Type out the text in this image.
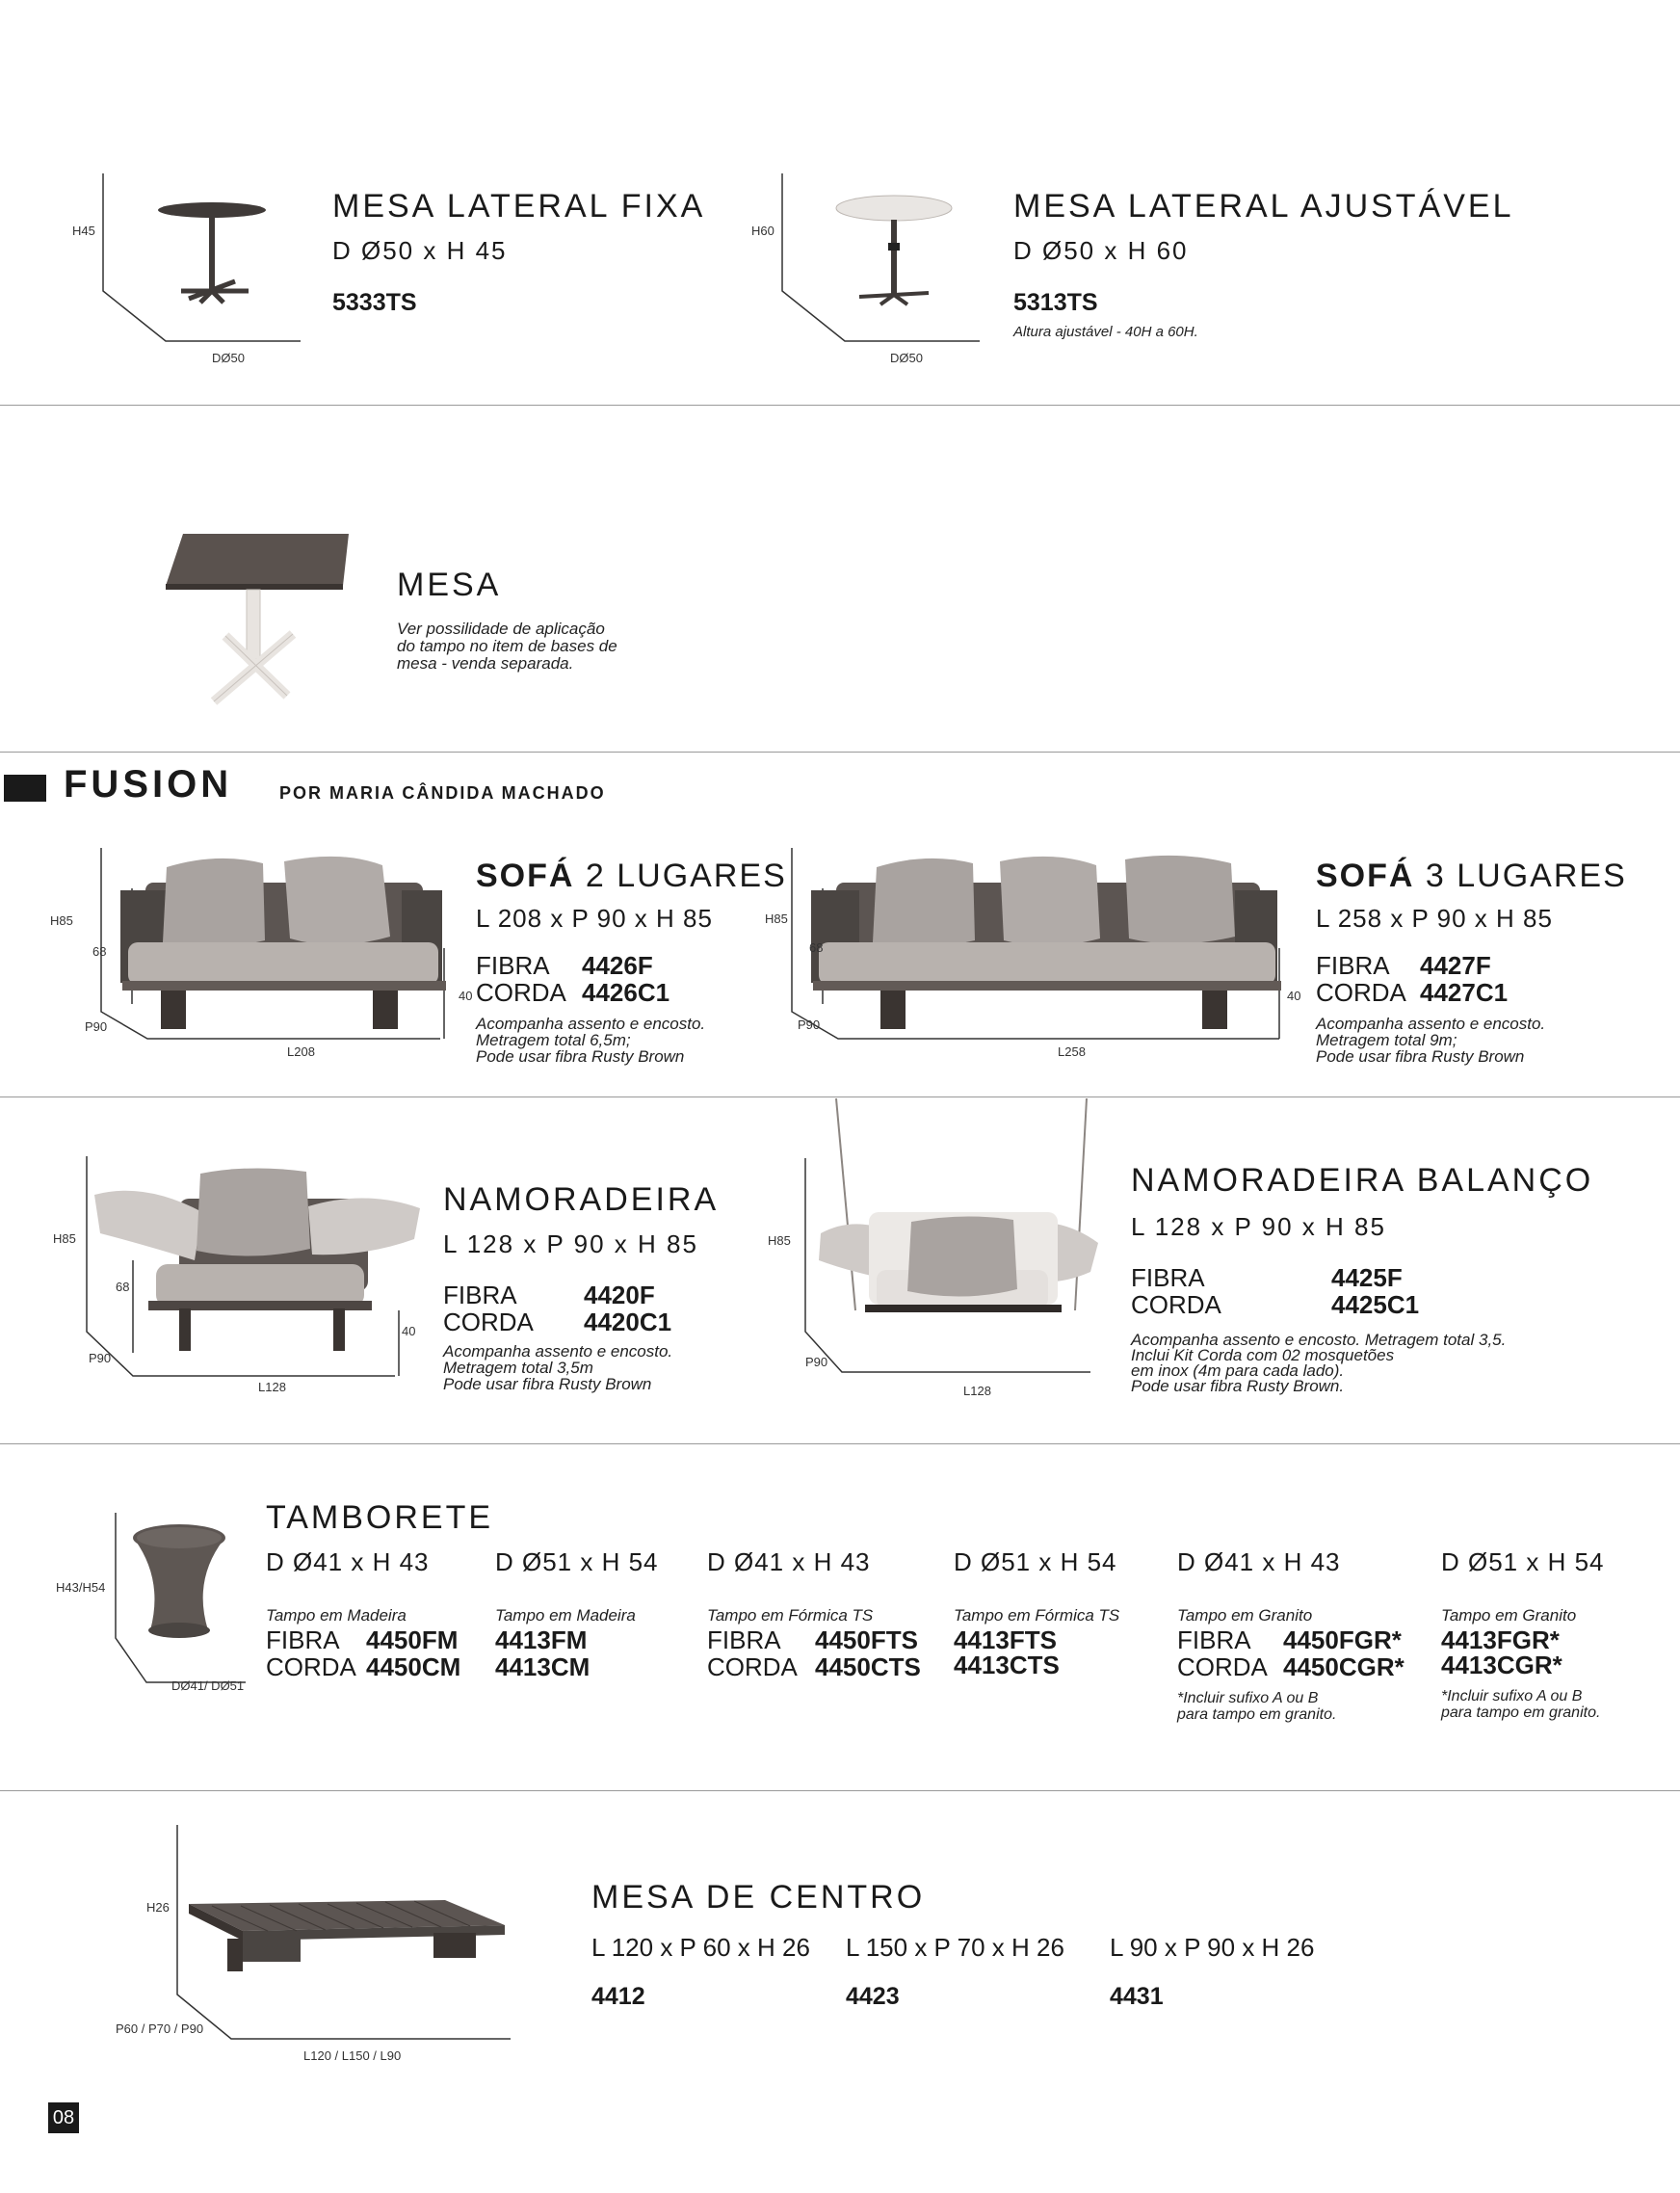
H45
DØ50
MESA LATERAL FIXA
D Ø50 x H 45
5333TS
H60
DØ50
MESA LATERAL AJUSTÁVEL
D Ø50 x H 60
5313TS
Altura ajustável - 40H a 60H.
MESA
Ver possilidade de aplicação
do tampo no item de bases de
mesa - venda separada.
FUSION	POR MARIA CÂNDIDA MACHADO
H85
68
P90
L208
40
SOFÁ 2 LUGARES
L 208 x P 90 x H 85
FIBRA 4426F
CORDA 4426C1
Acompanha assento e encosto.
Metragem total 6,5m;
Pode usar fibra Rusty Brown
H85
68
P90
L258
40
SOFÁ 3 LUGARES
L 258 x P 90 x H 85
FIBRA 4427F
CORDA 4427C1
Acompanha assento e encosto.
Metragem total 9m;
Pode usar fibra Rusty Brown
H85
68
P90
L128
40
NAMORADEIRA
L 128 x P 90 x H 85
FIBRA	4420F
CORDA 4420C1
Acompanha assento e encosto.
Metragem total 3,5m
Pode usar fibra Rusty Brown
H85
P90
L128
NAMORADEIRA BALANÇO
L 128 x P 90 x H 85
FIBRA	4425F
CORDA	4425C1
Acompanha assento e encosto. Metragem total 3,5.
Inclui Kit Corda com 02 mosquetões
em inox (4m para cada lado).
Pode usar fibra Rusty Brown.
H43/H54
DØ41/ DØ51
TAMBORETE
D Ø41 x H 43
Tampo em Madeira
FIBRA 4450FM
CORDA 4450CM
D Ø51 x H 54
Tampo em Madeira
4413FM
4413CM
D Ø41 x H 43
Tampo em Fórmica TS
FIBRA 4450FTS
CORDA 4450CTS
D Ø51 x H 54
Tampo em Fórmica TS
4413FTS
4413CTS
D Ø41 x H 43
Tampo em Granito
FIBRA 4450FGR*
CORDA 4450CGR*
*Incluir sufixo A ou B
para tampo em granito.
D Ø51 x H 54
Tampo em Granito
4413FGR*
4413CGR*
*Incluir sufixo A ou B
para tampo em granito.
H26
P60 / P70 / P90
L120 / L150 / L90
MESA DE CENTRO
L 120 x P 60 x H 26
4412
L 150 x P 70 x H 26
4423
L 90 x P 90 x H 26
4431
08
